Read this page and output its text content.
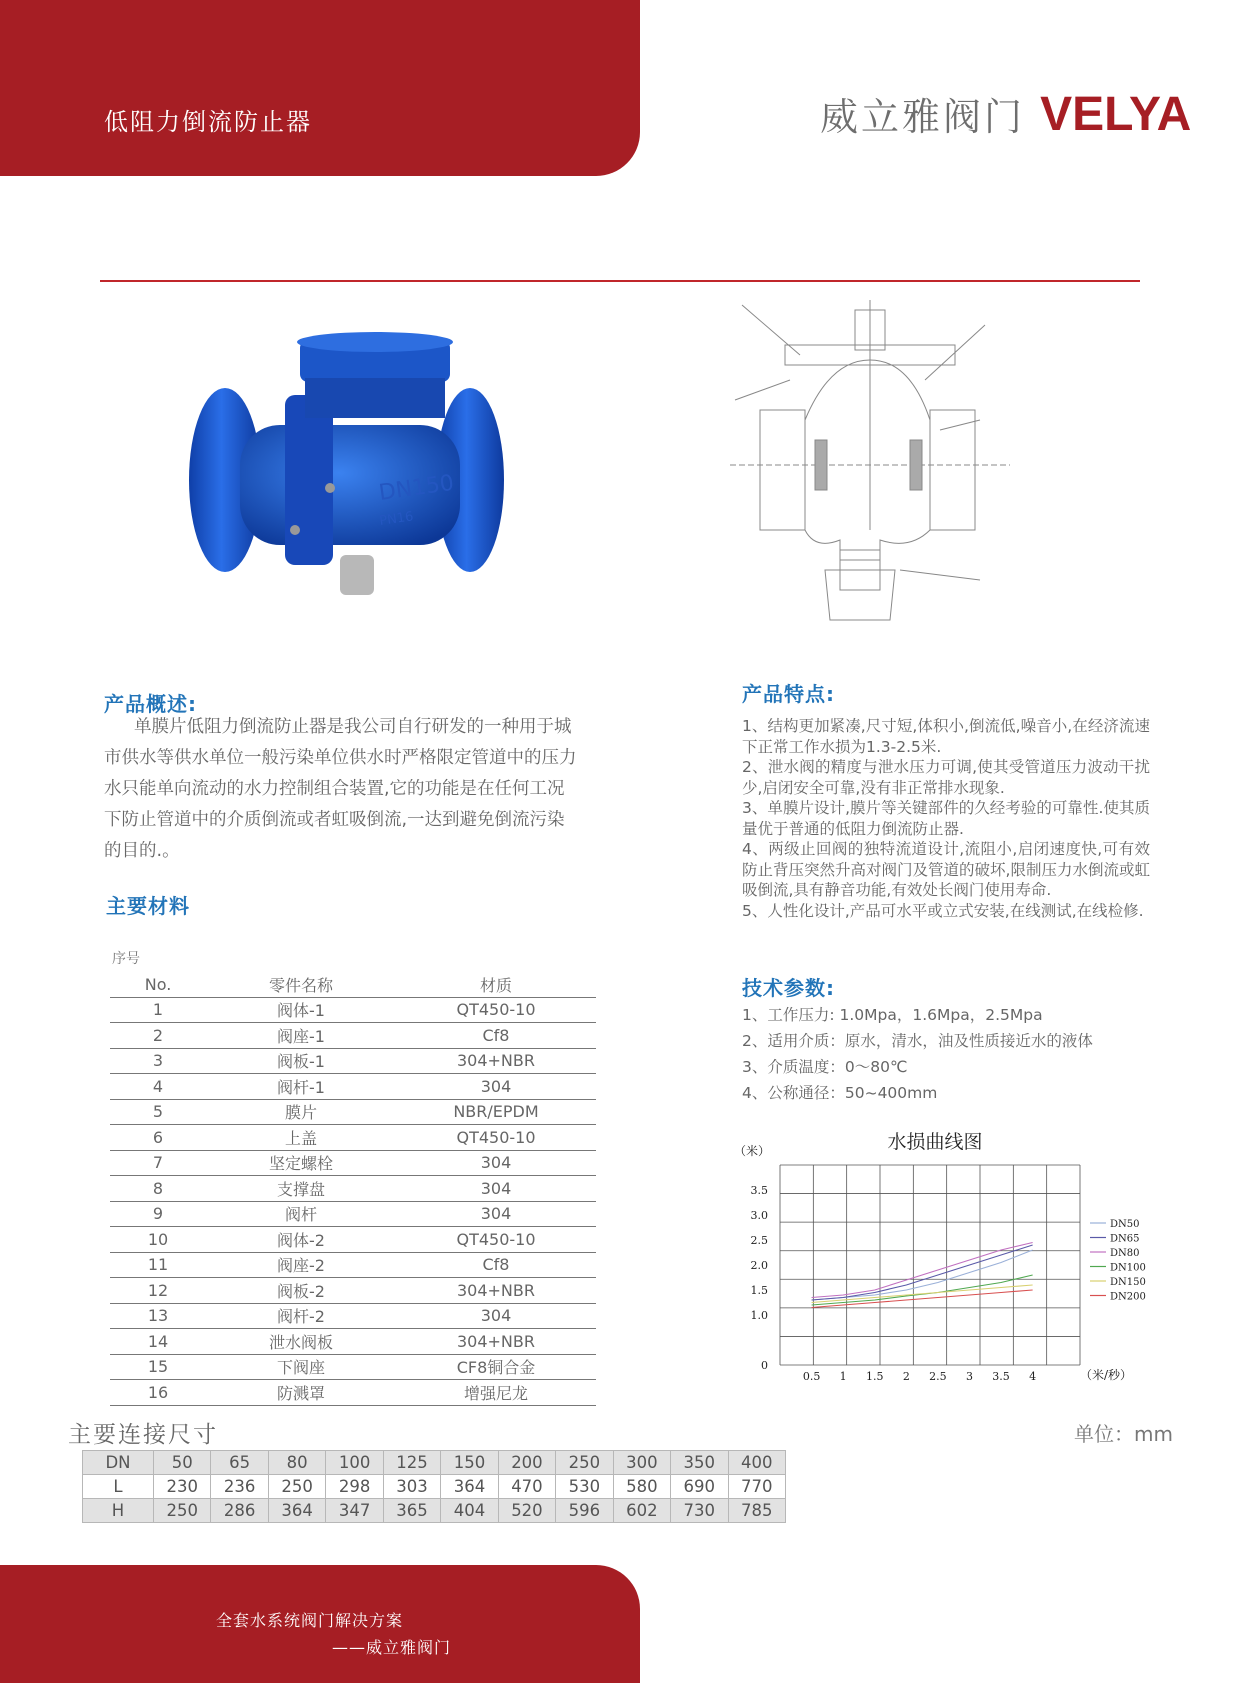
低阻力倒流防止器	威立雅阀门 VELYA
DN150
PN16
产品概述:
单膜片低阻力倒流防止器是我公司自行研发的一种用于城
市供水等供水单位一般污染单位供水时严格限定管道中的压力
水只能单向流动的水力控制组合装置,它的功能是在任何工况
下防止管道中的介质倒流或者虹吸倒流,一达到避免倒流污染
的目的.。
主要材料
序号
No.	零件名称	材质
1	阀体-1	QT450-10
2	阀座-1	Cf8
3	阀板-1	304+NBR
4	阀杆-1	304
5	膜片	NBR/EPDM
6	上盖	QT450-10
7	坚定螺栓	304
8	支撑盘	304
9	阀杆	304
10	阀体-2	QT450-10
11	阀座-2	Cf8
12	阀板-2	304+NBR
13	阀杆-2	304
14	泄水阀板	304+NBR
15	下阀座	CF8铜合金
16	防溅罩	增强尼龙
产品特点:
1、结构更加紧凑,尺寸短,体积小,倒流低,噪音小,在经济流速下正常工作水损为1.3-2.5米.
2、泄水阀的精度与泄水压力可调,使其受管道压力波动干扰少,启闭安全可靠,没有非正常排水现象.
3、单膜片设计,膜片等关键部件的久经考验的可靠性.使其质量优于普通的低阻力倒流防止器.
4、两级止回阀的独特流道设计,流阻小,启闭速度快,可有效防止背压突然升高对阀门及管道的破坏,限制压力水倒流或虹吸倒流,具有静音功能,有效处长阀门使用寿命.
5、人性化设计,产品可水平或立式安装,在线测试,在线检修.
技术参数:
1、工作压力: 1.0Mpa，1.6Mpa，2.5Mpa
2、适用介质：原水，清水，油及性质接近水的液体
3、介质温度：0～80℃
4、公称通径：50~400mm
水损曲线图
（米）
（米/秒）
3.5
3.0
2.5
2.0
1.5
1.0
0
0.5 1 1.5 2 2.5 3 3.5 4
DN50
DN65
DN80
DN100
DN150
DN200
主要连接尺寸	单位：mm
DN	50	65	80	100	125	150	200	250	300	350	400
L	230	236	250	298	303	364	470	530	580	690	770
H	250	286	364	347	365	404	520	596	602	730	785
全套水系统阀门解决方案
——威立雅阀门
